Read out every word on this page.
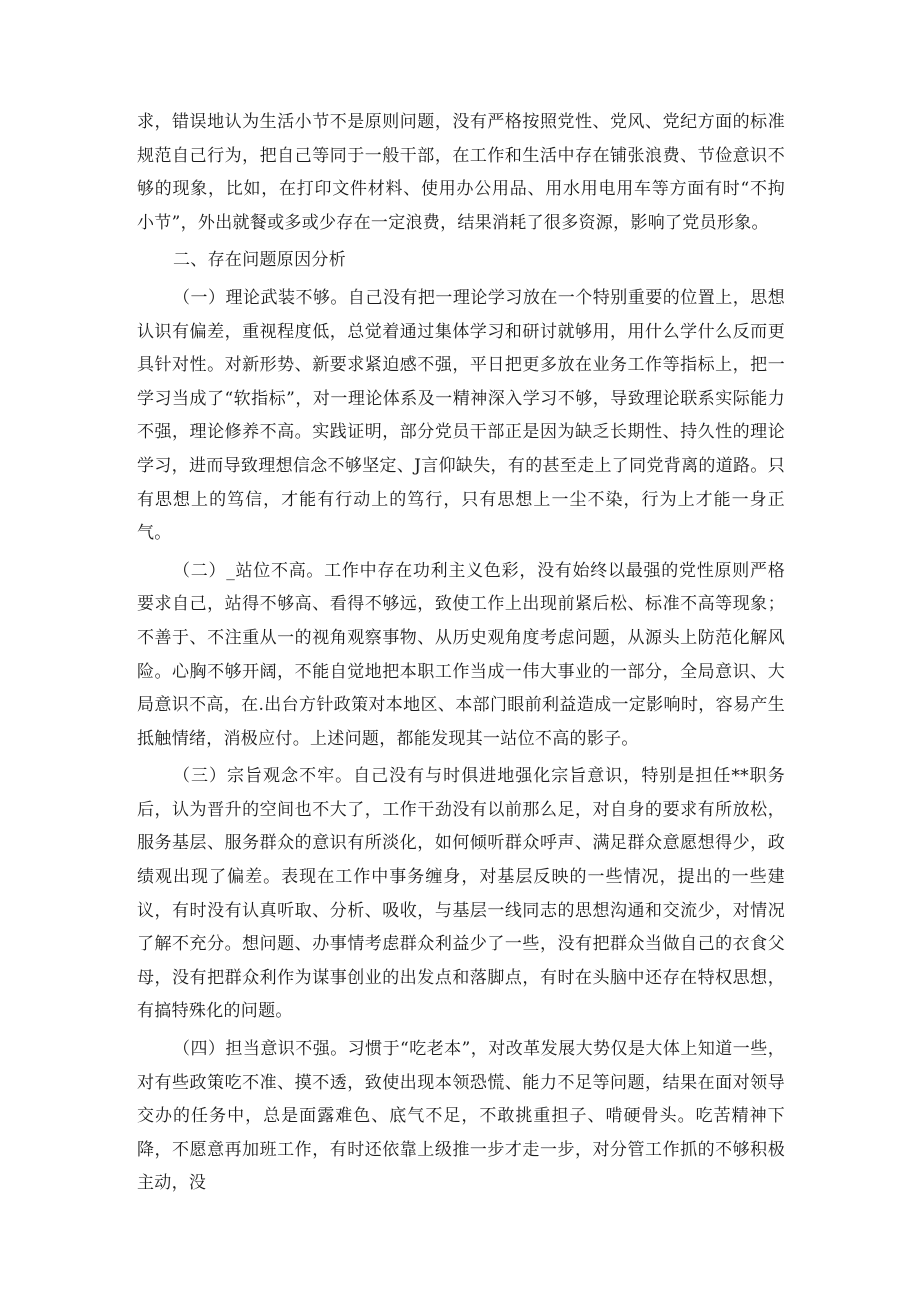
求，错误地认为生活小节不是原则问题，没有严格按照党性、党风、党纪方面的标准规范自己行为，把自己等同于一般干部，在工作和生活中存在铺张浪费、节俭意识不够的现象，比如，在打印文件材料、使用办公用品、用水用电用车等方面有时“不拘小节”，外出就餐或多或少存在一定浪费，结果消耗了很多资源，影响了党员形象。

二、存在问题原因分析

（一）理论武装不够。自己没有把一理论学习放在一个特别重要的位置上，思想认识有偏差，重视程度低，总觉着通过集体学习和研讨就够用，用什么学什么反而更具针对性。对新形势、新要求紧迫感不强，平日把更多放在业务工作等指标上，把一学习当成了“软指标”，对一理论体系及一精神深入学习不够，导致理论联系实际能力不强，理论修养不高。实践证明，部分党员干部正是因为缺乏长期性、持久性的理论学习，进而导致理想信念不够坚定、J言仰缺失，有的甚至走上了同党背离的道路。只有思想上的笃信，才能有行动上的笃行，只有思想上一尘不染，行为上才能一身正气。

（二）_站位不高。工作中存在功利主义色彩，没有始终以最强的党性原则严格要求自己，站得不够高、看得不够远，致使工作上出现前紧后松、标准不高等现象；不善于、不注重从一的视角观察事物、从历史观角度考虑问题，从源头上防范化解风险。心胸不够开阔，不能自觉地把本职工作当成一伟大事业的一部分，全局意识、大局意识不高，在.出台方针政策对本地区、本部门眼前利益造成一定影响时，容易产生抵触情绪，消极应付。上述问题，都能发现其一站位不高的影子。

（三）宗旨观念不牢。自己没有与时俱进地强化宗旨意识，特别是担任**职务后，认为晋升的空间也不大了，工作干劲没有以前那么足，对自身的要求有所放松，服务基层、服务群众的意识有所淡化，如何倾听群众呼声、满足群众意愿想得少，政绩观出现了偏差。表现在工作中事务缠身，对基层反映的一些情况，提出的一些建议，有时没有认真听取、分析、吸收，与基层一线同志的思想沟通和交流少，对情况了解不充分。想问题、办事情考虑群众利益少了一些，没有把群众当做自己的衣食父母，没有把群众利作为谋事创业的出发点和落脚点，有时在头脑中还存在特权思想，有搞特殊化的问题。

（四）担当意识不强。习惯于“吃老本”，对改革发展大势仅是大体上知道一些，对有些政策吃不准、摸不透，致使出现本领恐慌、能力不足等问题，结果在面对领导交办的任务中，总是面露难色、底气不足，不敢挑重担子、啃硬骨头。吃苦精神下降，不愿意再加班工作，有时还依靠上级推一步才走一步，对分管工作抓的不够积极主动，没
